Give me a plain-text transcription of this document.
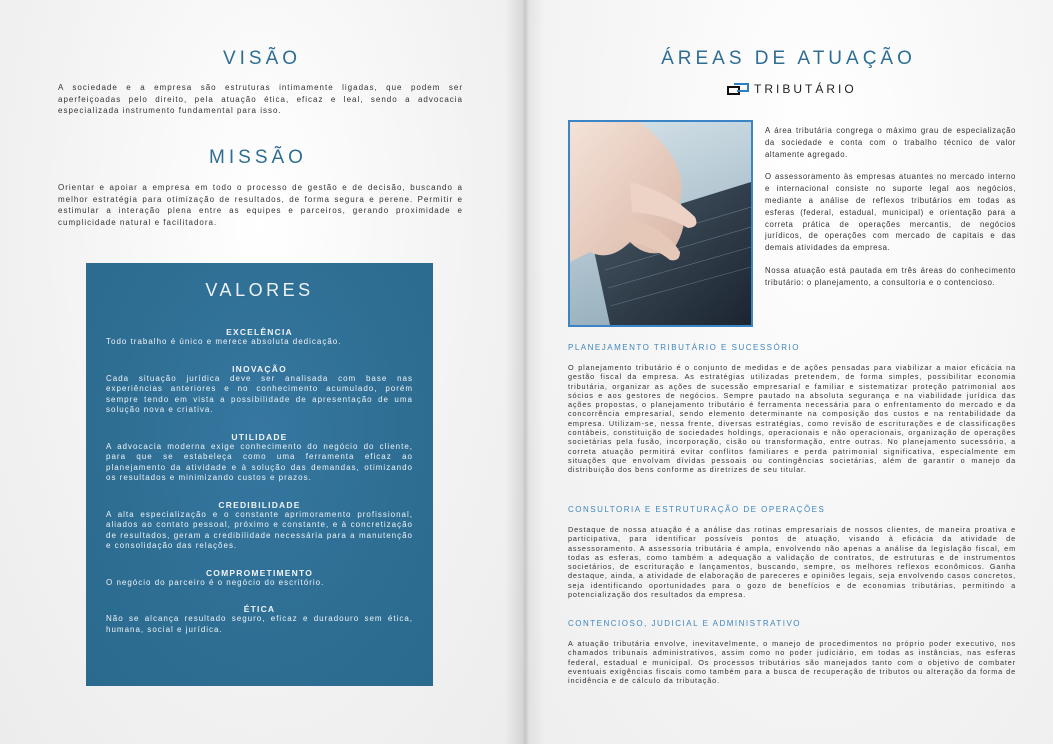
VISÃO
A sociedade e a empresa são estruturas intimamente ligadas, que podem ser aperfeiçoadas pelo direito, pela atuação ética, eficaz e leal, sendo a advocacia especializada instrumento fundamental para isso.
MISSÃO
Orientar e apoiar a empresa em todo o processo de gestão e de decisão, buscando a melhor estratégia para otimização de resultados, de forma segura e perene. Permitir e estimular a interação plena entre as equipes e parceiros, gerando proximidade e cumplicidade natural e facilitadora.
VALORES
EXCELÊNCIA

Todo trabalho é único e merece absoluta dedicação.

INOVAÇÃO

Cada situação jurídica deve ser analisada com base nas experiências anteriores e no conhecimento acumulado, porém sempre tendo em vista a possibilidade de apresentação de uma solução nova e criativa.

UTILIDADE

A advocacia moderna exige conhecimento do negócio do cliente, para que se estabeleça como uma ferramenta eficaz ao planejamento da atividade e à solução das demandas, otimizando os resultados e minimizando custos e prazos.

CREDIBILIDADE

A alta especialização e o constante aprimoramento profissional, aliados ao contato pessoal, próximo e constante, e à concretização de resultados, geram a credibilidade necessária para a manutenção e consolidação das relações.

COMPROMETIMENTO

O negócio do parceiro é o negócio do escritório.

ÉTICA

Não se alcança resultado seguro, eficaz e duradouro sem ética, humana, social e jurídica.

ÁREAS DE ATUAÇÃO
TRIBUTÁRIO

A área tributária congrega o máximo grau de especialização da sociedade e conta com o trabalho técnico de valor altamente agregado.

O assessoramento às empresas atuantes no mercado interno e internacional consiste no suporte legal aos negócios, mediante a análise de reflexos tributários em todas as esferas (federal, estadual, municipal) e orientação para a correta prática de operações mercantis, de negócios jurídicos, de operações com mercado de capitais e das demais atividades da empresa.

Nossa atuação está pautada em três áreas do conhecimento tributário: o planejamento, a consultoria e o contencioso.

PLANEJAMENTO TRIBUTÁRIO E SUCESSÓRIO
O planejamento tributário é o conjunto de medidas e de ações pensadas para viabilizar a maior eficácia na gestão fiscal da empresa. As estratégias utilizadas pretendem, de forma simples, possibilitar economia tributária, organizar as ações de sucessão empresarial e familiar e sistematizar proteção patrimonial aos sócios e aos gestores de negócios. Sempre pautado na absoluta segurança e na viabilidade jurídica das ações propostas, o planejamento tributário é ferramenta necessária para o enfrentamento do mercado e da concorrência empresarial, sendo elemento determinante na composição dos custos e na rentabilidade da empresa. Utilizam-se, nessa frente, diversas estratégias, como revisão de escriturações e de classificações contábeis, constituição de sociedades holdings, operacionais e não operacionais, organização de operações societárias pela fusão, incorporação, cisão ou transformação, entre outras. No planejamento sucessório, a correta atuação permitirá evitar conflitos familiares e perda patrimonial significativa, especialmente em situações que envolvam dívidas pessoais ou contingências societárias, além de garantir o manejo da distribuição dos bens conforme as diretrizes de seu titular.
CONSULTORIA E ESTRUTURAÇÃO DE OPERAÇÕES
Destaque de nossa atuação é a análise das rotinas empresariais de nossos clientes, de maneira proativa e participativa, para identificar possíveis pontos de atuação, visando à eficácia da atividade de assessoramento. A assessoria tributária é ampla, envolvendo não apenas a análise da legislação fiscal, em todas as esferas, como também a adequação a validação de contratos, de estruturas e de instrumentos societários, de escrituração e lançamentos, buscando, sempre, os melhores reflexos econômicos. Ganha destaque, ainda, a atividade de elaboração de pareceres e opiniões legais, seja envolvendo casos concretos, seja identificando oportunidades para o gozo de benefícios e de economias tributárias, permitindo a potencialização dos resultados da empresa.
CONTENCIOSO, JUDICIAL E ADMINISTRATIVO
A atuação tributária envolve, inevitavelmente, o manejo de procedimentos no próprio poder executivo, nos chamados tribunais administrativos, assim como no poder judiciário, em todas as instâncias, nas esferas federal, estadual e municipal. Os processos tributários são manejados tanto com o objetivo de combater eventuais exigências fiscais como também para a busca de recuperação de tributos ou alteração da forma de incidência e de cálculo da tributação.
